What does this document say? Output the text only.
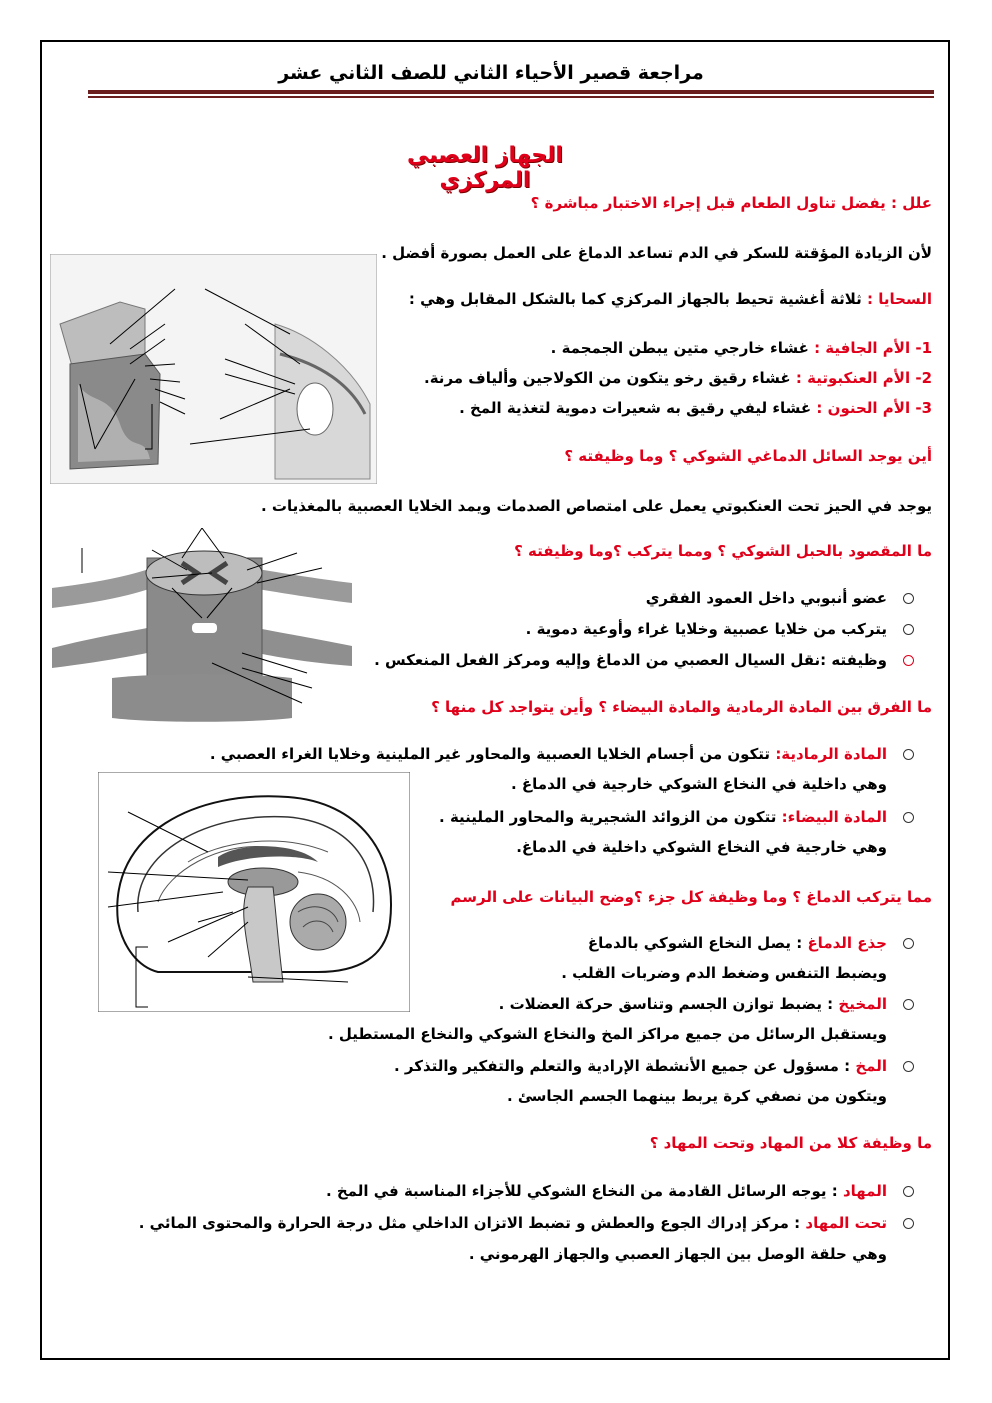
مراجعة قصير الأحياء الثاني للصف الثاني عشر
الجهاز العصبي المركزي
علل : يفضل تناول الطعام قبل إجراء الاختبار مباشرة ؟
لأن الزيادة المؤقتة للسكر في الدم تساعد الدماغ على العمل بصورة أفضل .
السحايا : ثلاثة أغشية تحيط بالجهاز المركزي كما بالشكل المقابل وهي :
1- الأم الجافية : غشاء خارجي متين يبطن الجمجمة .
2- الأم العنكبوتية : غشاء رقيق رخو يتكون من الكولاجين وألياف مرنة.
3- الأم الحنون : غشاء ليفي رقيق به شعيرات دموية لتغذية المخ .
أين يوجد السائل الدماغي الشوكي ؟ وما وظيفته ؟
يوجد في الحيز تحت العنكبوتي يعمل على امتصاص الصدمات ويمد الخلايا العصبية بالمغذيات .
ما المقصود بالحبل الشوكي ؟ ومما يتركب ؟وما وظيفته ؟
عضو أنبوبي داخل العمود الفقري
يتركب من خلايا عصبية وخلايا غراء وأوعية دموية .
وظيفته :نقل السيال العصبي من الدماغ وإليه ومركز الفعل المنعكس .
ما الفرق بين المادة الرمادية والمادة البيضاء ؟ وأين يتواجد كل منها ؟
المادة الرمادية: تتكون من أجسام الخلايا العصبية والمحاور غير الملينية وخلايا الغراء العصبي .
وهي داخلية في النخاع الشوكي خارجية في الدماغ .
المادة البيضاء: تتكون من الزوائد الشجيرية والمحاور الملينية .
وهي خارجية في النخاع الشوكي داخلية في الدماغ.
مما يتركب الدماغ ؟ وما وظيفة كل جزء ؟وضح البيانات على الرسم
جذع الدماغ : يصل النخاع الشوكي بالدماغ
ويضبط التنفس وضغط الدم وضربات القلب .
المخيخ : يضبط توازن الجسم وتناسق حركة العضلات .
ويستقبل الرسائل من جميع مراكز المخ والنخاع الشوكي والنخاع المستطيل .
المخ : مسؤول عن جميع الأنشطة الإرادية والتعلم والتفكير والتذكر .
ويتكون من نصفي كرة يربط بينهما الجسم الجاسئ .
ما وظيفة كلا من المهاد وتحت المهاد ؟
المهاد : يوجه الرسائل القادمة من النخاع الشوكي للأجزاء المناسبة في المخ .
تحت المهاد : مركز إدراك الجوع والعطش و تضبط الاتزان الداخلي مثل درجة الحرارة والمحتوى المائي .
وهي حلقة الوصل بين الجهاز العصبي والجهاز الهرموني .
